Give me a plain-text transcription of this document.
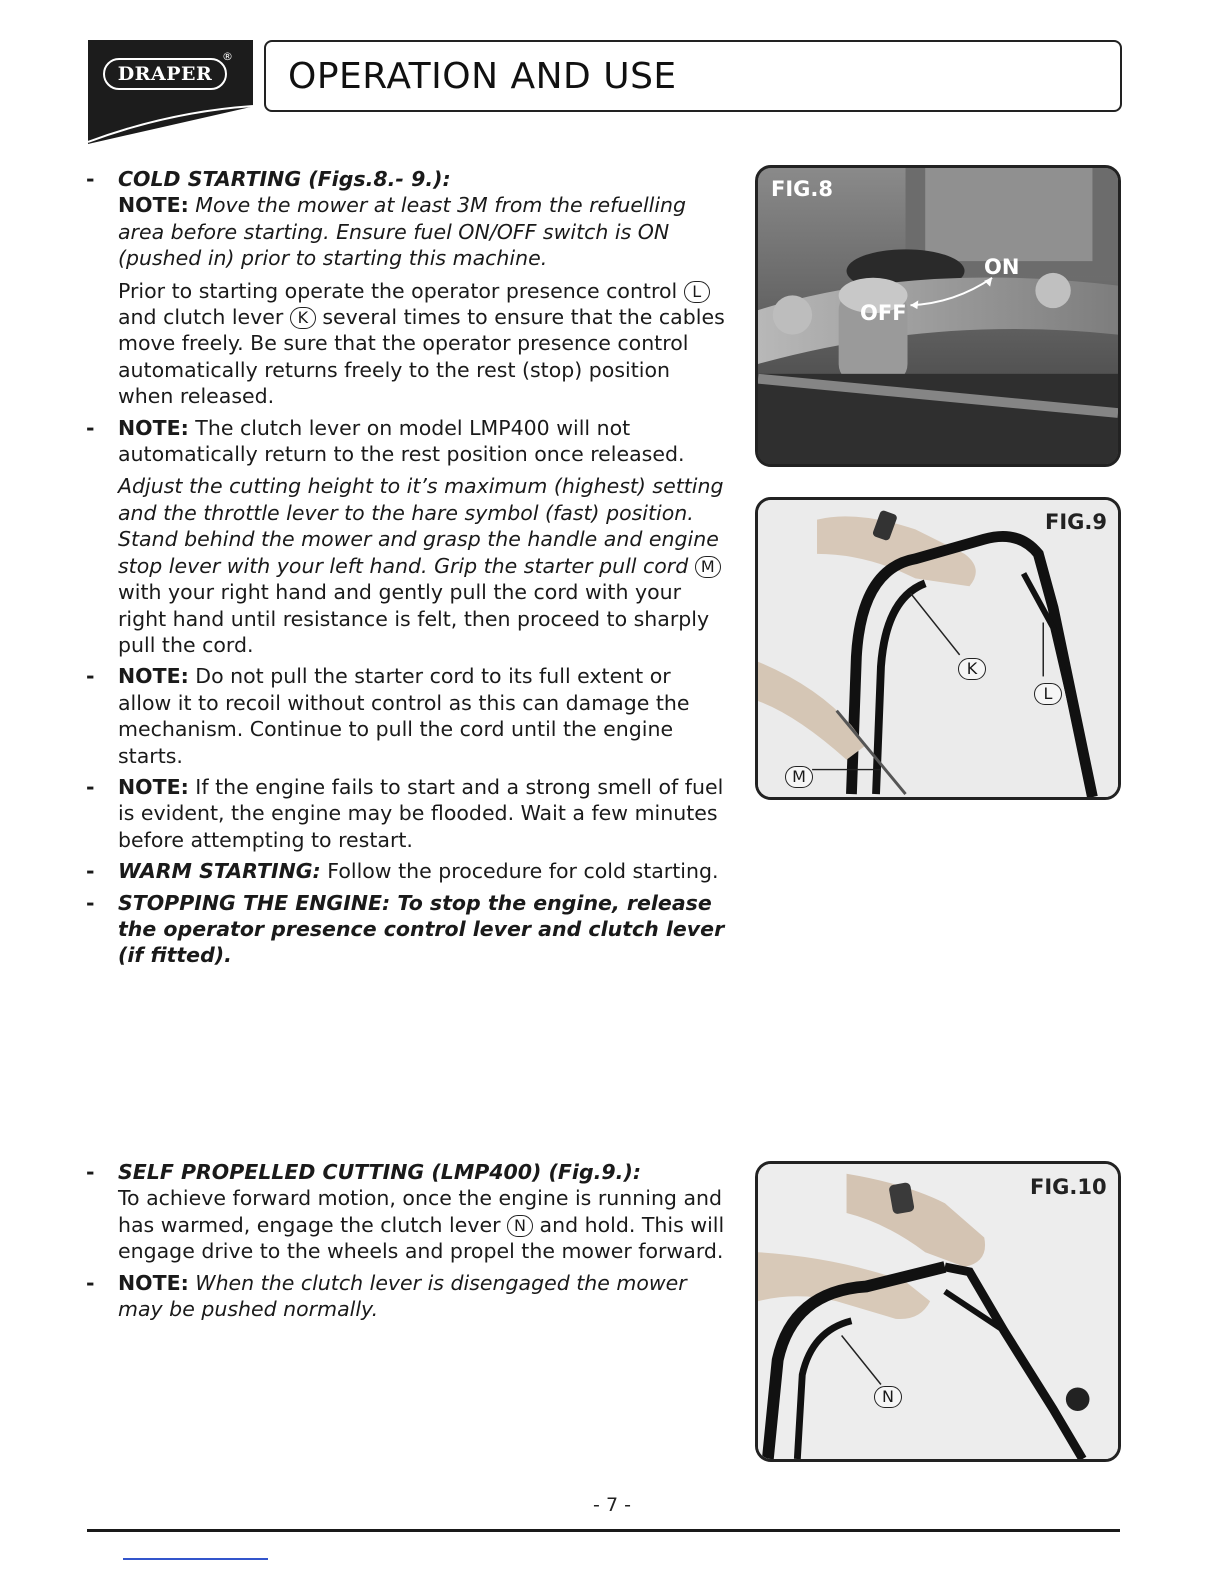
DRAPER
® OPERATION AND USE
- COLD STARTING (Figs.8.- 9.):
NOTE: Move the mower at least 3M from the refuelling area before starting. Ensure fuel ON/OFF switch is ON (pushed in) prior to starting this machine.

Prior to starting operate the operator presence control L and clutch lever K several times to ensure that the cables move freely. Be sure that the operator presence control automatically returns freely to the rest (stop) position when released.

- NOTE: The clutch lever on model LMP400 will not automatically return to the rest position once released.

Adjust the cutting height to it’s maximum (highest) setting and the throttle lever to the hare symbol (fast) position. Stand behind the mower and grasp the handle and engine stop lever with your left hand. Grip the starter pull cord M with your right hand and gently pull the cord with your right hand until resistance is felt, then proceed to sharply pull the cord.

- NOTE: Do not pull the starter cord to its full extent or allow it to recoil without control as this can damage the mechanism. Continue to pull the cord until the engine starts.

- NOTE: If the engine fails to start and a strong smell of fuel is evident, the engine may be flooded. Wait a few minutes before attempting to restart.

- WARM STARTING: Follow the procedure for cold starting.

- STOPPING THE ENGINE: To stop the engine, release the operator presence control lever and clutch lever (if fitted).

- SELF PROPELLED CUTTING (LMP400) (Fig.9.):
To achieve forward motion, once the engine is running and has warmed, engage the clutch lever N and hold. This will engage drive to the wheels and propel the mower forward.

- NOTE: When the clutch lever is disengaged the mower may be pushed normally.

FIG.8
ON
OFF
FIG.9
K
L
M
FIG.10
N
- 7 -
